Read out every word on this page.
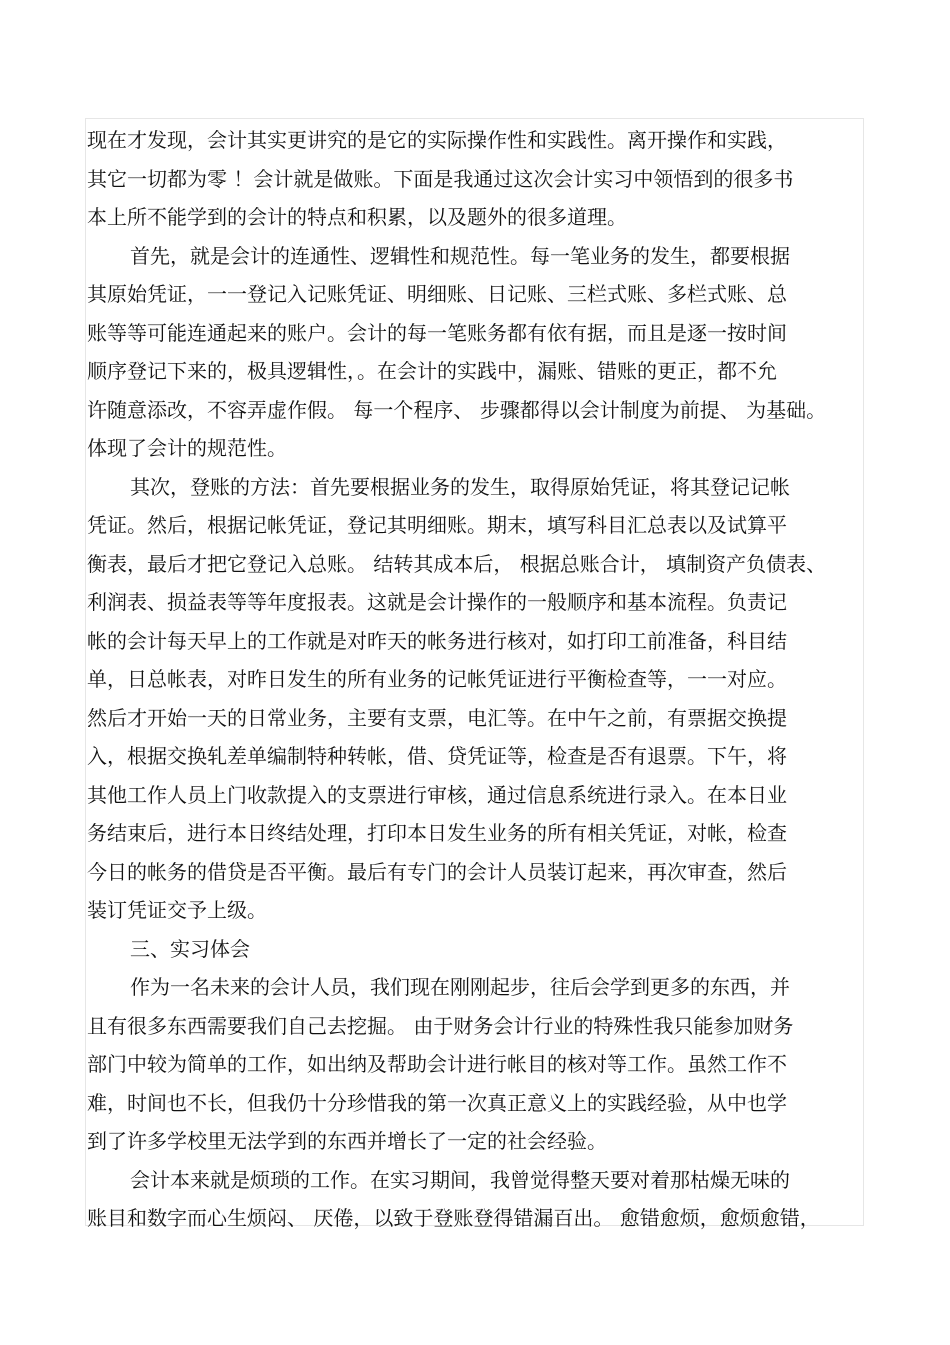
现在才发现，会计其实更讲究的是它的实际操作性和实践性。离开操作和实践，
其它一切都为零 ！会计就是做账。下面是我通过这次会计实习中领悟到的很多书
本上所不能学到的会计的特点和积累，以及题外的很多道理。
首先，就是会计的连通性、逻辑性和规范性。每一笔业务的发生，都要根据
其原始凭证，一一登记入记账凭证、明细账、日记账、三栏式账、多栏式账、总
账等等可能连通起来的账户。会计的每一笔账务都有依有据，而且是逐一按时间
顺序登记下来的，极具逻辑性，。在会计的实践中，漏账、错账的更正，都不允
许随意添改，不容弄虚作假。 每一个程序、 步骤都得以会计制度为前提、 为基础。
体现了会计的规范性。
其次，登账的方法：首先要根据业务的发生，取得原始凭证，将其登记记帐
凭证。然后，根据记帐凭证，登记其明细账。期末，填写科目汇总表以及试算平
衡表，最后才把它登记入总账。 结转其成本后， 根据总账合计， 填制资产负债表、
利润表、损益表等等年度报表。这就是会计操作的一般顺序和基本流程。负责记
帐的会计每天早上的工作就是对昨天的帐务进行核对，如打印工前准备，科目结
单，日总帐表，对昨日发生的所有业务的记帐凭证进行平衡检查等，一一对应。
然后才开始一天的日常业务，主要有支票，电汇等。在中午之前，有票据交换提
入，根据交换轧差单编制特种转帐，借、贷凭证等，检查是否有退票。下午，将
其他工作人员上门收款提入的支票进行审核，通过信息系统进行录入。在本日业
务结束后，进行本日终结处理，打印本日发生业务的所有相关凭证，对帐，检查
今日的帐务的借贷是否平衡。最后有专门的会计人员装订起来，再次审查，然后
装订凭证交予上级。
三、实习体会
作为一名未来的会计人员，我们现在刚刚起步，往后会学到更多的东西，并
且有很多东西需要我们自己去挖掘。 由于财务会计行业的特殊性我只能参加财务
部门中较为简单的工作，如出纳及帮助会计进行帐目的核对等工作。虽然工作不
难，时间也不长，但我仍十分珍惜我的第一次真正意义上的实践经验，从中也学
到了许多学校里无法学到的东西并增长了一定的社会经验。
会计本来就是烦琐的工作。在实习期间，我曾觉得整天要对着那枯燥无味的
账目和数字而心生烦闷、 厌倦，以致于登账登得错漏百出。 愈错愈烦，愈烦愈错，
